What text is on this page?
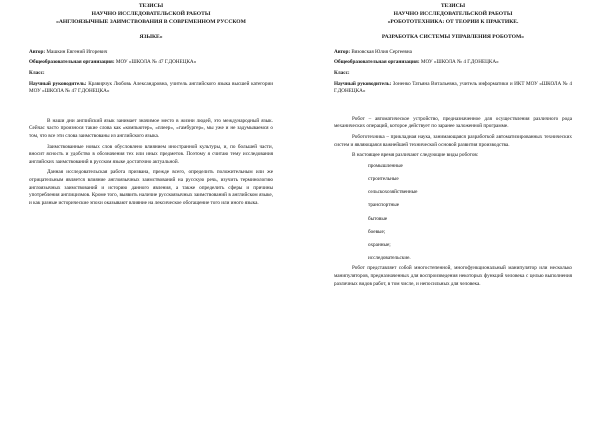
ТЕЗИСЫ
НАУЧНО ИССЛЕДОВАТЕЛЬСКОЙ РАБОТЫ
«АНГЛОЯЗЫЧНЫЕ ЗАИМСТВОВАНИЯ В СОВРЕМЕННОМ РУССКОМ
ЯЗЫКЕ»

Автор: Машкин Евгений Игоревич

Общеобразовательная организация: МОУ «ШКОЛА № 47 Г.ДОНЕЦКА»

Класс:

Научный руководитель: Кравирчук Любовь Александровна, учитель английского языка высшей категории МОУ «ШКОЛА № 47 Г.ДОНЕЦКА»

В наши дни английский язык занимает значимое место в жизни людей, это международный язык. Сейчас часто произнося такие слова как «компьютер», «плеер», «гамбургер», мы уже и не задумываемся о том, что все эти слова заимствованы из английского языка.

Заимствованные новых слов обусловлено влиянием иностранной культуры, и, по большей части, вносит ясность и удобство в обозначения тех или иных предметов. Поэтому я считаю тему исследования английских заимствований в русском языке достаточно актуальной.

Данная исследовательская работа призвана, прежде всего, определить положительным или же отрицательным является влияние англоязычных заимствований на русскую речь, изучить терминологию англоязычных заимствований и историю данного явления, а также определить сферы и причины употребления англицизмов. Кроме того, выявить наличие русскоязычных заимствований в английском языке, и как разные исторические эпохи оказывают влияние на лексическое обогащение того или иного языка.

ТЕЗИСЫ
НАУЧНО ИССЛЕДОВАТЕЛЬСКОЙ РАБОТЫ
«РОБОТОТЕХНИКА: ОТ ТЕОРИИ К ПРАКТИКЕ.
РАЗРАБОТКА СИСТЕМЫ УПРАВЛЕНИЯ РОБОТОМ»

Автор: Вязовская Юлия Сергеевна

Общеобразовательная организация: МОУ «ШКОЛА № 4 Г.ДОНЕЦКА»

Класс:

Научный руководитель: Зоненко Татьяна Витальевна, учитель информатики и ИКТ МОУ «ШКОЛА № 4 Г.ДОНЕЦКА»

Робот – автоматическое устройство, предназначенное для осуществления различного рода механических операций, которое действует по заранее заложенной программе.

Робототехника – прикладная наука, занимающаяся разработкой автоматизированных технических систем и являющаяся важнейшей технической основой развития производства.

В настоящее время различают следующие виды роботов:

промышленные
строительные
сельскохозяйственные
транспортные
бытовые
боевые;
охранные;
исследовательские.

Робот представляет собой многостепенной, многофункциональный манипулятор или несколько манипуляторов, предназначенных для воспроизведения некоторых функций человека с целью выполнения различных видов работ, в том числе, и непосильных для человека.
